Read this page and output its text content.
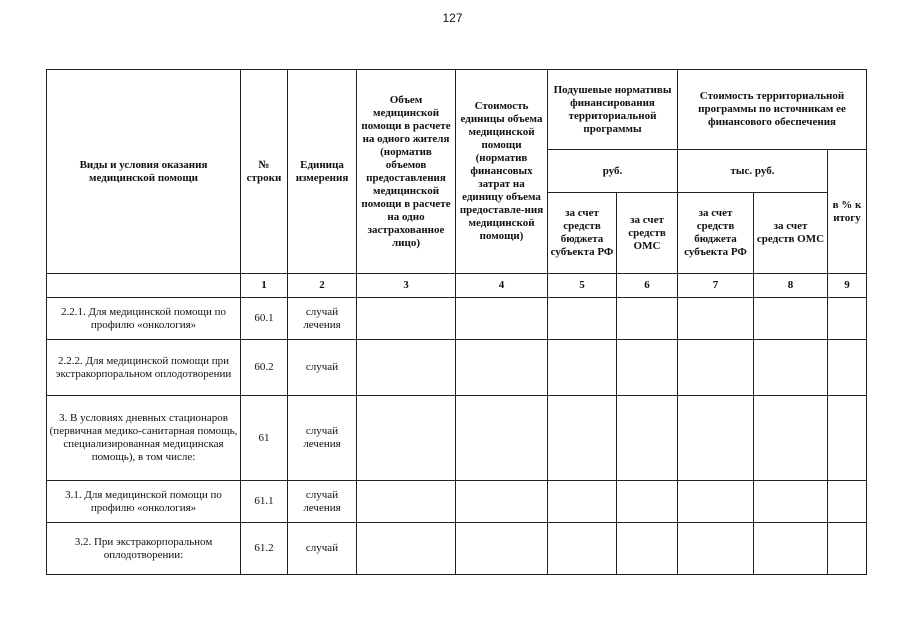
127
Виды и условия оказания медицинской помощи	№ строки	Единица измерения	Объем медицинской помощи в расчете на одного жителя (норматив объемов предоставления медицинской помощи в расчете на одно застрахованное лицо)	Стоимость единицы объема медицинской помощи (норматив финансовых затрат на единицу объема предоставле-ния медицинской помощи)	Подушевые нормативы финансирования территориальной программы		Стоимость территориальной программы по источникам ее финансового обеспечения		
					руб.		тыс. руб.		в % к итогу
					за счет средств бюджета субъекта РФ	за счет средств ОМС	за счет средств бюджета субъекта РФ	за счет средств ОМС	
	1	2	3	4	5	6	7	8	9
2.2.1. Для медицинской помощи по профилю «онкология»	60.1	случай лечения							
2.2.2. Для медицинской помощи при экстракорпоральном оплодотворении	60.2	случай							
3. В условиях дневных стационаров (первичная медико-санитарная помощь, специализированная медицинская помощь), в том числе:	61	случай лечения							
3.1. Для медицинской помощи по профилю «онкология»	61.1	случай лечения							
3.2. При экстракорпоральном оплодотворении:	61.2	случай							
